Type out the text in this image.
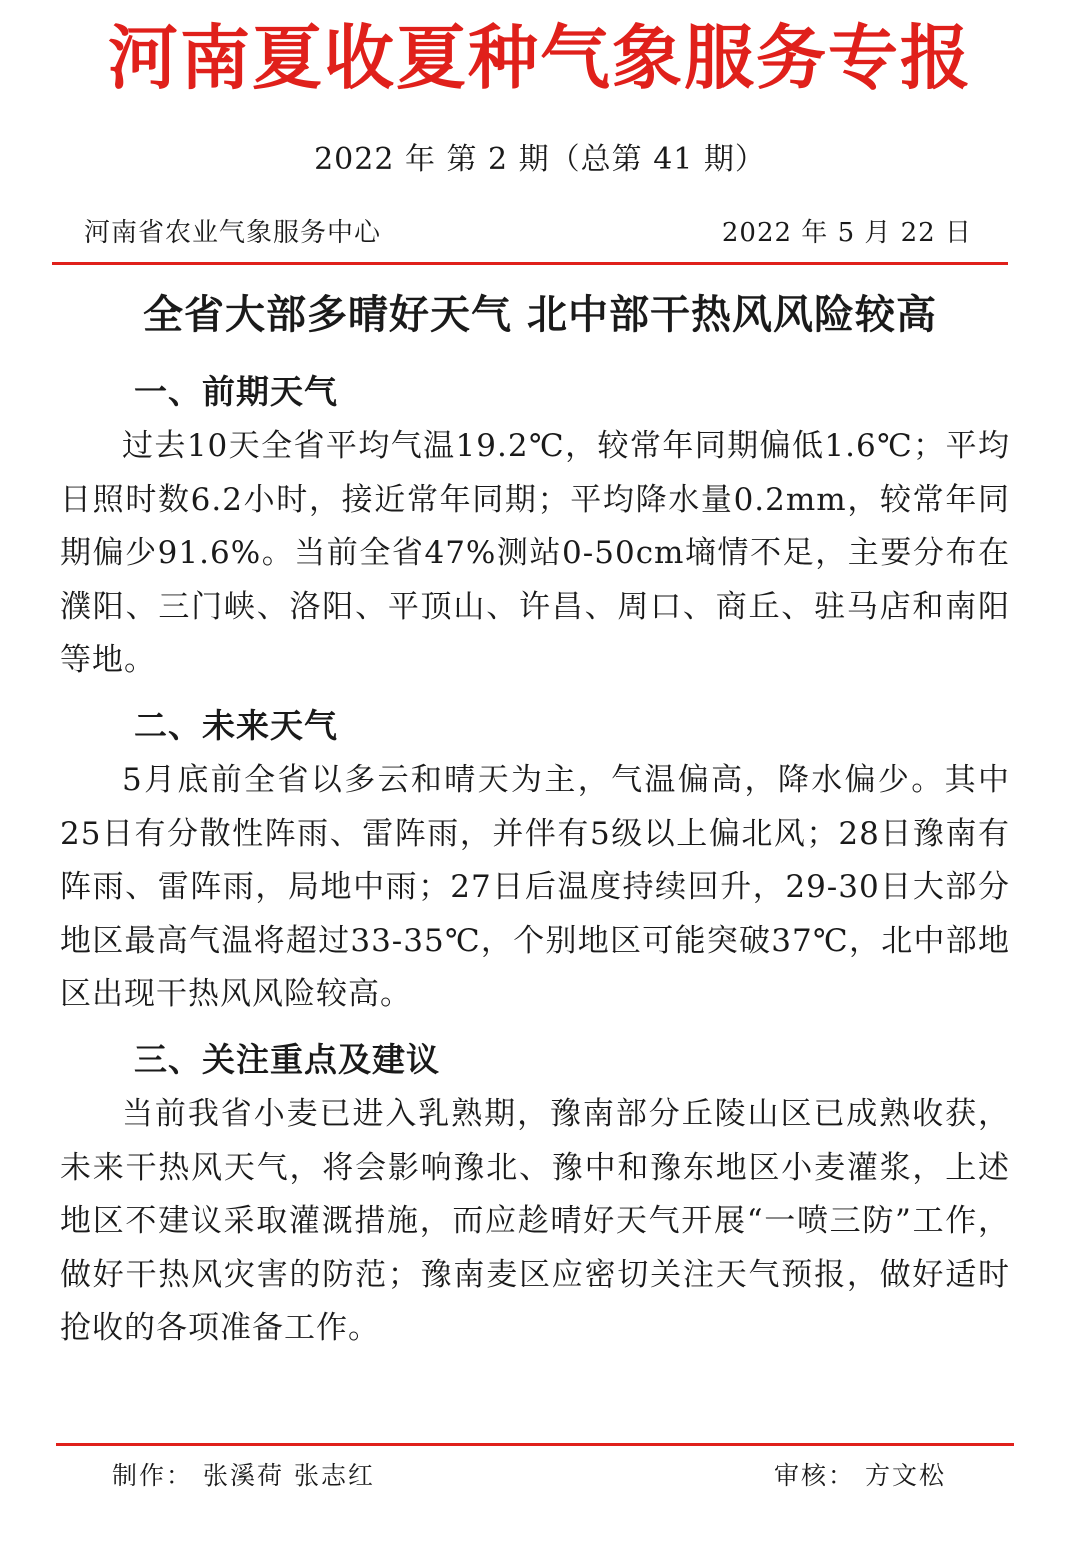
河南夏收夏种气象服务专报
2022 年 第 2 期（总第 41 期）
河南省农业气象服务中心	2022 年 5 月 22 日
全省大部多晴好天气 北中部干热风风险较高
一、前期天气
过去10天全省平均气温19.2℃，较常年同期偏低1.6℃；平均日照时数6.2小时，接近常年同期；平均降水量0.2mm，较常年同期偏少91.6%。当前全省47%测站0-50cm墒情不足，主要分布在濮阳、三门峡、洛阳、平顶山、许昌、周口、商丘、驻马店和南阳等地。
二、未来天气
5月底前全省以多云和晴天为主，气温偏高，降水偏少。其中25日有分散性阵雨、雷阵雨，并伴有5级以上偏北风；28日豫南有阵雨、雷阵雨，局地中雨；27日后温度持续回升，29-30日大部分地区最高气温将超过33-35℃，个别地区可能突破37℃，北中部地区出现干热风风险较高。
三、关注重点及建议
当前我省小麦已进入乳熟期，豫南部分丘陵山区已成熟收获，未来干热风天气，将会影响豫北、豫中和豫东地区小麦灌浆，上述地区不建议采取灌溉措施，而应趁晴好天气开展“一喷三防”工作，做好干热风灾害的防范；豫南麦区应密切关注天气预报，做好适时抢收的各项准备工作。
制作： 张溪荷 张志红	审核： 方文松
